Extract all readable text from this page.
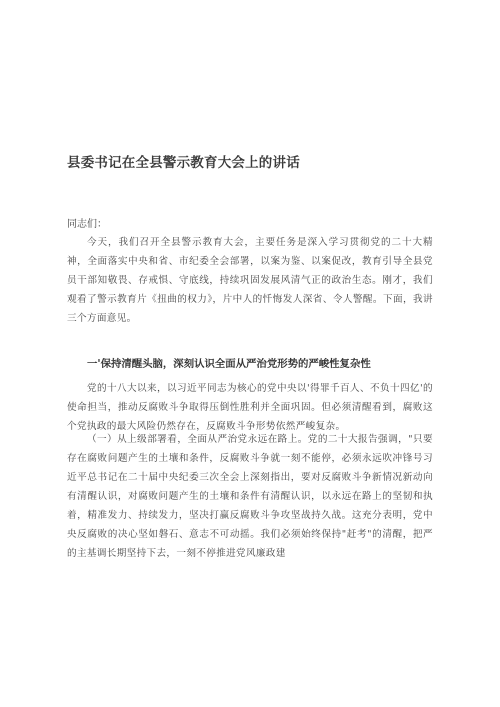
县委书记在全县警示教育大会上的讲话

同志们：

今天，我们召开全县警示教育大会，主要任务是深入学习贯彻党的二十大精神，全面落实中央和省、市纪委全会部署，以案为鉴、以案促改，教育引导全县党员干部知敬畏、存戒惧、守底线，持续巩固发展风清气正的政治生态。刚才，我们观看了警示教育片《扭曲的权力》，片中人的忏悔发人深省、令人警醒。下面，我讲三个方面意见。

一'保持清醒头脑，深刻认识全面从严治党形势的严峻性复杂性

党的十八大以来，以习近平同志为核心的党中央以'得罪千百人、不负十四亿'的使命担当，推动反腐败斗争取得压倒性胜利并全面巩固。但必须清醒看到，腐败这个党执政的最大风险仍然存在，反腐败斗争形势依然严峻复杂。

（一）从上级部署看，全面从严治党永远在路上。党的二十大报告强调，"只要存在腐败问题产生的土壤和条件，反腐败斗争就一刻不能停，必须永远吹冲锋号习近平总书记在二十届中央纪委三次全会上深刻指出，要对反腐败斗争新情况新动向有清醒认识，对腐败问题产生的土壤和条件有清醒认识，以永远在路上的坚韧和执着，精准发力、持续发力，坚决打赢反腐败斗争攻坚战持久战。这充分表明，党中央反腐败的决心坚如磐石、意志不可动摇。我们必须始终保持"赶考"的清醒，把严的主基调长期坚持下去，一刻不停推进党风廉政建
